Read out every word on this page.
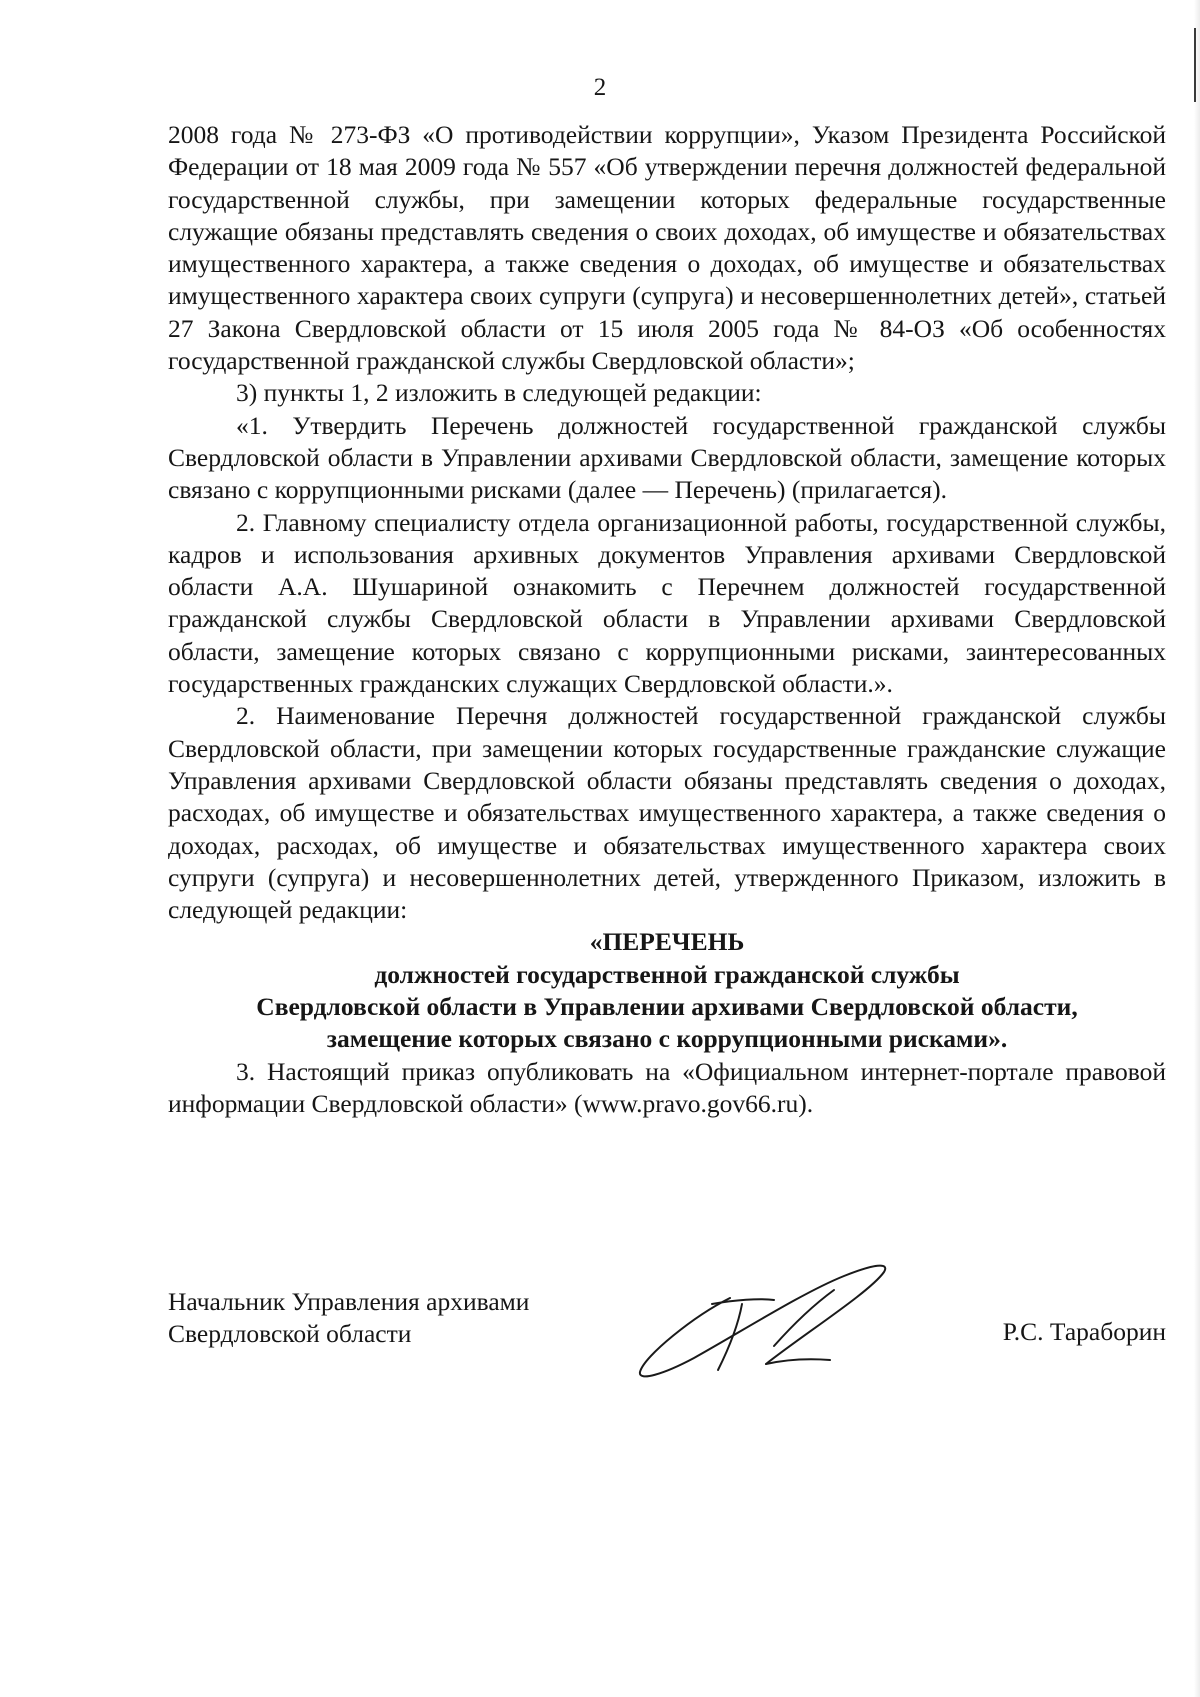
2

2008 года № 273-ФЗ «О противодействии коррупции», Указом Президента Российской Федерации от 18 мая 2009 года № 557 «Об утверждении перечня должностей федеральной государственной службы, при замещении которых федеральные государственные служащие обязаны представлять сведения о своих доходах, об имуществе и обязательствах имущественного характера, а также сведения о доходах, об имуществе и обязательствах имущественного характера своих супруги (супруга) и несовершеннолетних детей», статьей 27 Закона Свердловской области от 15 июля 2005 года № 84-ОЗ «Об особенностях государственной гражданской службы Свердловской области»;

3) пункты 1, 2 изложить в следующей редакции:

«1. Утвердить Перечень должностей государственной гражданской службы Свердловской области в Управлении архивами Свердловской области, замещение которых связано с коррупционными рисками (далее — Перечень) (прилагается).

2. Главному специалисту отдела организационной работы, государственной службы, кадров и использования архивных документов Управления архивами Свердловской области А.А. Шушариной ознакомить с Перечнем должностей государственной гражданской службы Свердловской области в Управлении архивами Свердловской области, замещение которых связано с коррупционными рисками, заинтересованных государственных гражданских служащих Свердловской области.».

2. Наименование Перечня должностей государственной гражданской службы Свердловской области, при замещении которых государственные гражданские служащие Управления архивами Свердловской области обязаны представлять сведения о доходах, расходах, об имуществе и обязательствах имущественного характера, а также сведения о доходах, расходах, об имуществе и обязательствах имущественного характера своих супруги (супруга) и несовершеннолетних детей, утвержденного Приказом, изложить в следующей редакции:

«ПЕРЕЧЕНЬ

должностей государственной гражданской службы

Свердловской области в Управлении архивами Свердловской области,

замещение которых связано с коррупционными рисками».

3. Настоящий приказ опубликовать на «Официальном интернет-портале правовой информации Свердловской области» (www.pravo.gov66.ru).

Начальник Управления архивами
Свердловской области	Р.С. Тараборин
